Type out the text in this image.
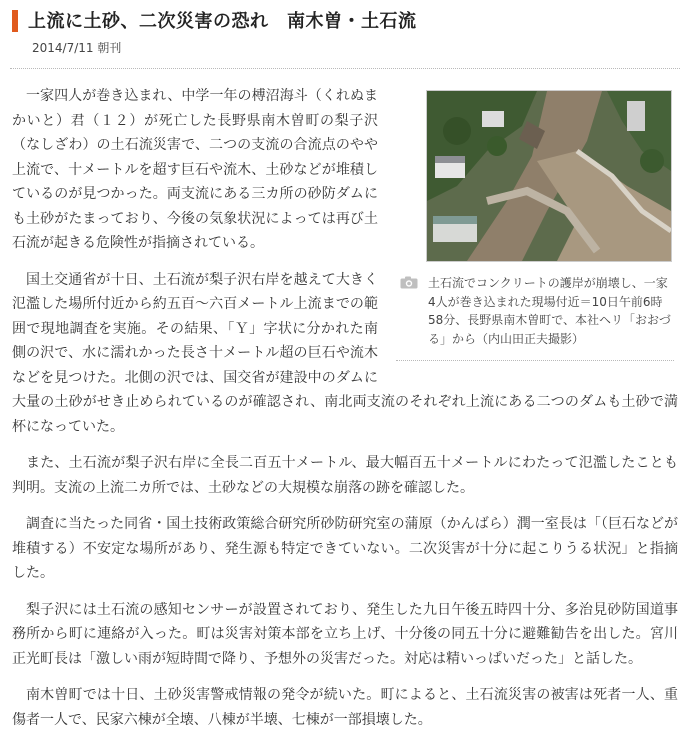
上流に土砂、二次災害の恐れ　南木曽・土石流
2014/7/11 朝刊
土石流でコンクリートの護岸が崩壊し、一家4人が巻き込まれた現場付近＝10日午前6時58分、長野県南木曽町で、本社ヘリ「おおづる」から（内山田正夫撮影）

一家四人が巻き込まれ、中学一年の榑沼海斗（くれぬまかいと）君（１２）が死亡した長野県南木曽町の梨子沢（なしざわ）の土石流災害で、二つの支流の合流点のやや上流で、十メートルを超す巨石や流木、土砂などが堆積しているのが見つかった。両支流にある三カ所の砂防ダムにも土砂がたまっており、今後の気象状況によっては再び土石流が起きる危険性が指摘されている。

国土交通省が十日、土石流が梨子沢右岸を越えて大きく氾濫した場所付近から約五百〜六百メートル上流までの範囲で現地調査を実施。その結果、「Ｙ」字状に分かれた南側の沢で、水に濡れかった長さ十メートル超の巨石や流木などを見つけた。北側の沢では、国交省が建設中のダムに大量の土砂がせき止められているのが確認され、南北両支流のそれぞれ上流にある二つのダムも土砂で満杯になっていた。

また、土石流が梨子沢右岸に全長二百五十メートル、最大幅百五十メートルにわたって氾濫したことも判明。支流の上流二カ所では、土砂などの大規模な崩落の跡を確認した。

調査に当たった同省・国土技術政策総合研究所砂防研究室の蒲原（かんばら）潤一室長は「（巨石などが堆積する）不安定な場所があり、発生源も特定できていない。二次災害が十分に起こりうる状況」と指摘した。

梨子沢には土石流の感知センサーが設置されており、発生した九日午後五時四十分、多治見砂防国道事務所から町に連絡が入った。町は災害対策本部を立ち上げ、十分後の同五十分に避難勧告を出した。宮川正光町長は「激しい雨が短時間で降り、予想外の災害だった。対応は精いっぱいだった」と話した。

南木曽町では十日、土砂災害警戒情報の発令が続いた。町によると、土石流災害の被害は死者一人、重傷者一人で、民家六棟が全壊、八棟が半壊、七棟が一部損壊した。
